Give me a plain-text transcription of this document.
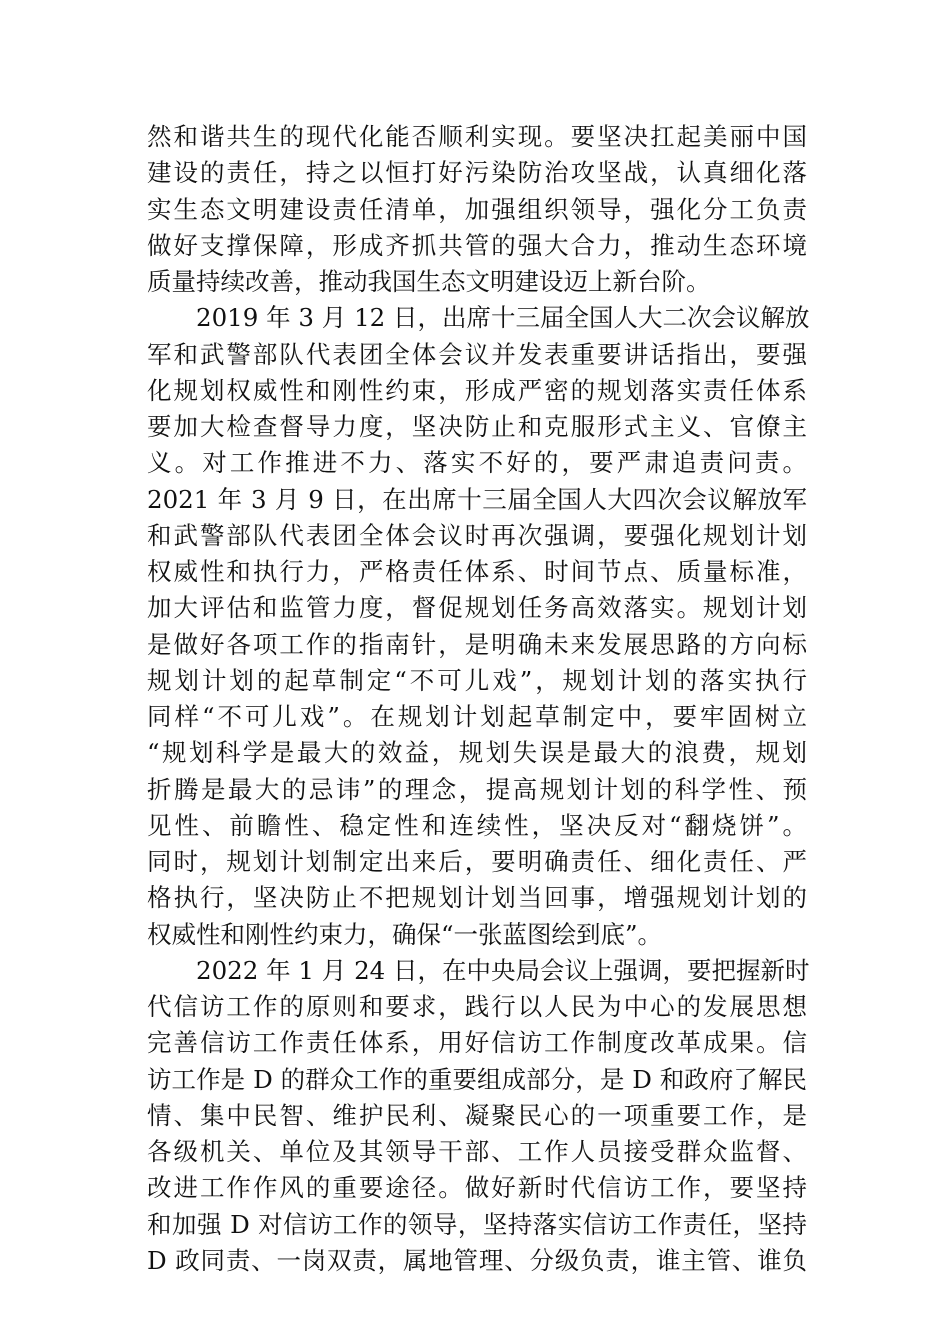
然和谐共生的现代化能否顺利实现。要坚决扛起美丽中国
建设的责任，持之以恒打好污染防治攻坚战，认真细化落
实生态文明建设责任清单，加强组织领导，强化分工负责
做好支撑保障，形成齐抓共管的强大合力，推动生态环境
质量持续改善，推动我国生态文明建设迈上新台阶。
　　2019 年 3 月 12 日，出席十三届全国人大二次会议解放
军和武警部队代表团全体会议并发表重要讲话指出，要强
化规划权威性和刚性约束，形成严密的规划落实责任体系
要加大检查督导力度，坚决防止和克服形式主义、官僚主
义。对工作推进不力、落实不好的，要严肃追责问责。
2021 年 3 月 9 日，在出席十三届全国人大四次会议解放军
和武警部队代表团全体会议时再次强调，要强化规划计划
权威性和执行力，严格责任体系、时间节点、质量标准，
加大评估和监管力度，督促规划任务高效落实。规划计划
是做好各项工作的指南针，是明确未来发展思路的方向标
规划计划的起草制定“不可儿戏”，规划计划的落实执行
同样“不可儿戏”。在规划计划起草制定中，要牢固树立
“规划科学是最大的效益，规划失误是最大的浪费，规划
折腾是最大的忌讳”的理念，提高规划计划的科学性、预
见性、前瞻性、稳定性和连续性，坚决反对“翻烧饼”。
同时，规划计划制定出来后，要明确责任、细化责任、严
格执行，坚决防止不把规划计划当回事，增强规划计划的
权威性和刚性约束力，确保“一张蓝图绘到底”。
　　2022 年 1 月 24 日，在中央局会议上强调，要把握新时
代信访工作的原则和要求，践行以人民为中心的发展思想
完善信访工作责任体系，用好信访工作制度改革成果。信
访工作是 D 的群众工作的重要组成部分，是 D 和政府了解民
情、集中民智、维护民利、凝聚民心的一项重要工作，是
各级机关、单位及其领导干部、工作人员接受群众监督、
改进工作作风的重要途径。做好新时代信访工作，要坚持
和加强 D 对信访工作的领导，坚持落实信访工作责任，坚持
D 政同责、一岗双责，属地管理、分级负责，谁主管、谁负
